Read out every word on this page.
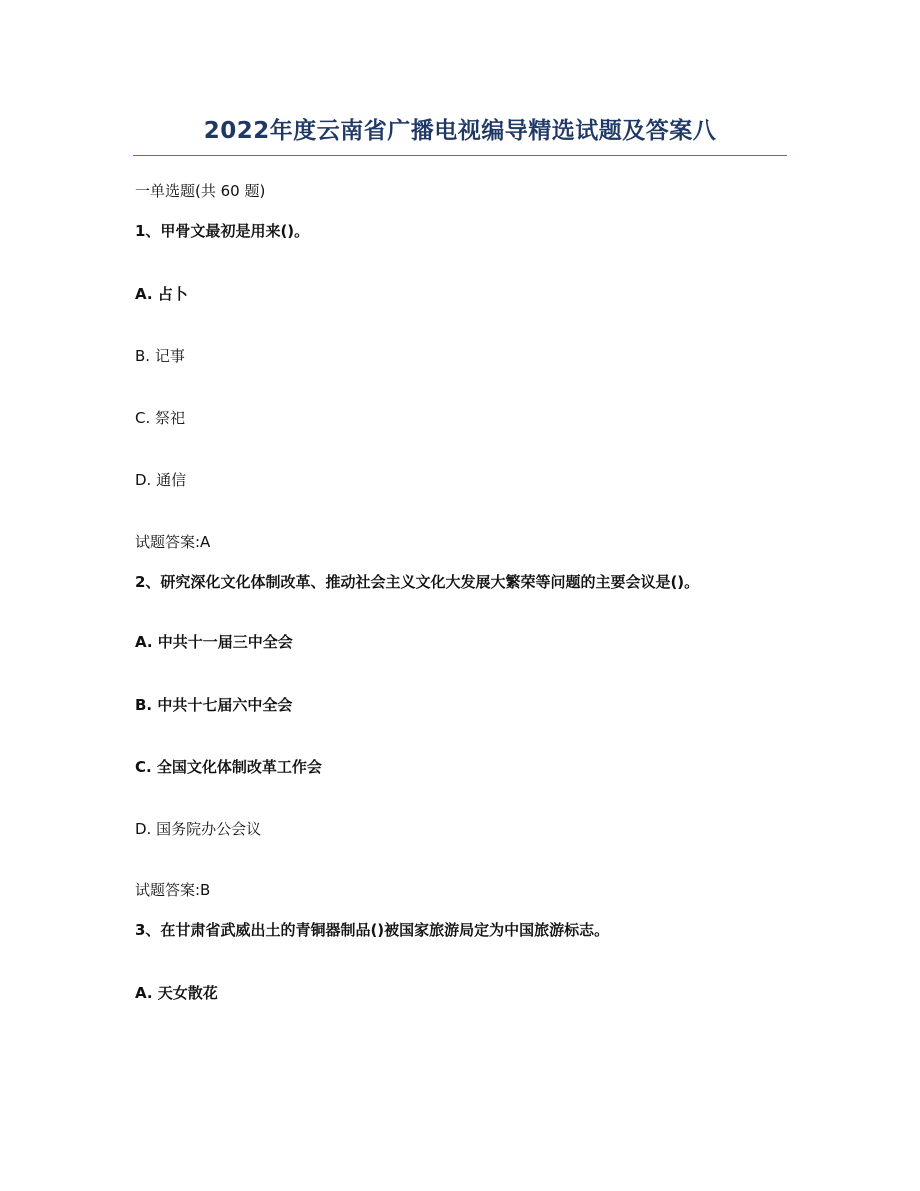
2022年度云南省广播电视编导精选试题及答案八
一单选题(共 60 题)
1、甲骨文最初是用来()。
A. 占卜
B. 记事
C. 祭祀
D. 通信
试题答案:A
2、研究深化文化体制改革、推动社会主义文化大发展大繁荣等问题的主要会议是()。
A. 中共十一届三中全会
B. 中共十七届六中全会
C. 全国文化体制改革工作会
D. 国务院办公会议
试题答案:B
3、在甘肃省武威出土的青铜器制品()被国家旅游局定为中国旅游标志。
A. 天女散花
